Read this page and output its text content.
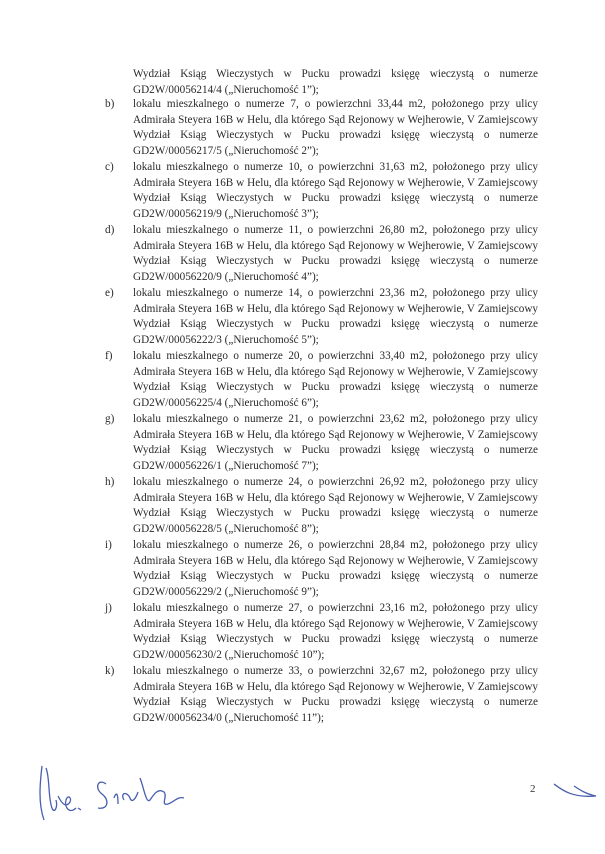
Wydział Ksiąg Wieczystych w Pucku prowadzi księgę wieczystą o numerze
GD2W/00056214/4 („Nieruchomość 1”);
b) lokalu mieszkalnego o numerze 7, o powierzchni 33,44 m2, położonego przy ulicy
Admirała Steyera 16B w Helu, dla którego Sąd Rejonowy w Wejherowie, V Zamiejscowy
Wydział Ksiąg Wieczystych w Pucku prowadzi księgę wieczystą o numerze
GD2W/00056217/5 („Nieruchomość 2”);
c) lokalu mieszkalnego o numerze 10, o powierzchni 31,63 m2, położonego przy ulicy
Admirała Steyera 16B w Helu, dla którego Sąd Rejonowy w Wejherowie, V Zamiejscowy
Wydział Ksiąg Wieczystych w Pucku prowadzi księgę wieczystą o numerze
GD2W/00056219/9 („Nieruchomość 3”);
d) lokalu mieszkalnego o numerze 11, o powierzchni 26,80 m2, położonego przy ulicy
Admirała Steyera 16B w Helu, dla którego Sąd Rejonowy w Wejherowie, V Zamiejscowy
Wydział Ksiąg Wieczystych w Pucku prowadzi księgę wieczystą o numerze
GD2W/00056220/9 („Nieruchomość 4”);
e) lokalu mieszkalnego o numerze 14, o powierzchni 23,36 m2, położonego przy ulicy
Admirała Steyera 16B w Helu, dla którego Sąd Rejonowy w Wejherowie, V Zamiejscowy
Wydział Ksiąg Wieczystych w Pucku prowadzi księgę wieczystą o numerze
GD2W/00056222/3 („Nieruchomość 5”);
f) lokalu mieszkalnego o numerze 20, o powierzchni 33,40 m2, położonego przy ulicy
Admirała Steyera 16B w Helu, dla którego Sąd Rejonowy w Wejherowie, V Zamiejscowy
Wydział Ksiąg Wieczystych w Pucku prowadzi księgę wieczystą o numerze
GD2W/00056225/4 („Nieruchomość 6”);
g) lokalu mieszkalnego o numerze 21, o powierzchni 23,62 m2, położonego przy ulicy
Admirała Steyera 16B w Helu, dla którego Sąd Rejonowy w Wejherowie, V Zamiejscowy
Wydział Ksiąg Wieczystych w Pucku prowadzi księgę wieczystą o numerze
GD2W/00056226/1 („Nieruchomość 7”);
h) lokalu mieszkalnego o numerze 24, o powierzchni 26,92 m2, położonego przy ulicy
Admirała Steyera 16B w Helu, dla którego Sąd Rejonowy w Wejherowie, V Zamiejscowy
Wydział Ksiąg Wieczystych w Pucku prowadzi księgę wieczystą o numerze
GD2W/00056228/5 („Nieruchomość 8”);
i) lokalu mieszkalnego o numerze 26, o powierzchni 28,84 m2, położonego przy ulicy
Admirała Steyera 16B w Helu, dla którego Sąd Rejonowy w Wejherowie, V Zamiejscowy
Wydział Ksiąg Wieczystych w Pucku prowadzi księgę wieczystą o numerze
GD2W/00056229/2 („Nieruchomość 9”);
j) lokalu mieszkalnego o numerze 27, o powierzchni 23,16 m2, położonego przy ulicy
Admirała Steyera 16B w Helu, dla którego Sąd Rejonowy w Wejherowie, V Zamiejscowy
Wydział Ksiąg Wieczystych w Pucku prowadzi księgę wieczystą o numerze
GD2W/00056230/2 („Nieruchomość 10”);
k) lokalu mieszkalnego o numerze 33, o powierzchni 32,67 m2, położonego przy ulicy
Admirała Steyera 16B w Helu, dla którego Sąd Rejonowy w Wejherowie, V Zamiejscowy
Wydział Ksiąg Wieczystych w Pucku prowadzi księgę wieczystą o numerze
GD2W/00056234/0 („Nieruchomość 11”);
2
